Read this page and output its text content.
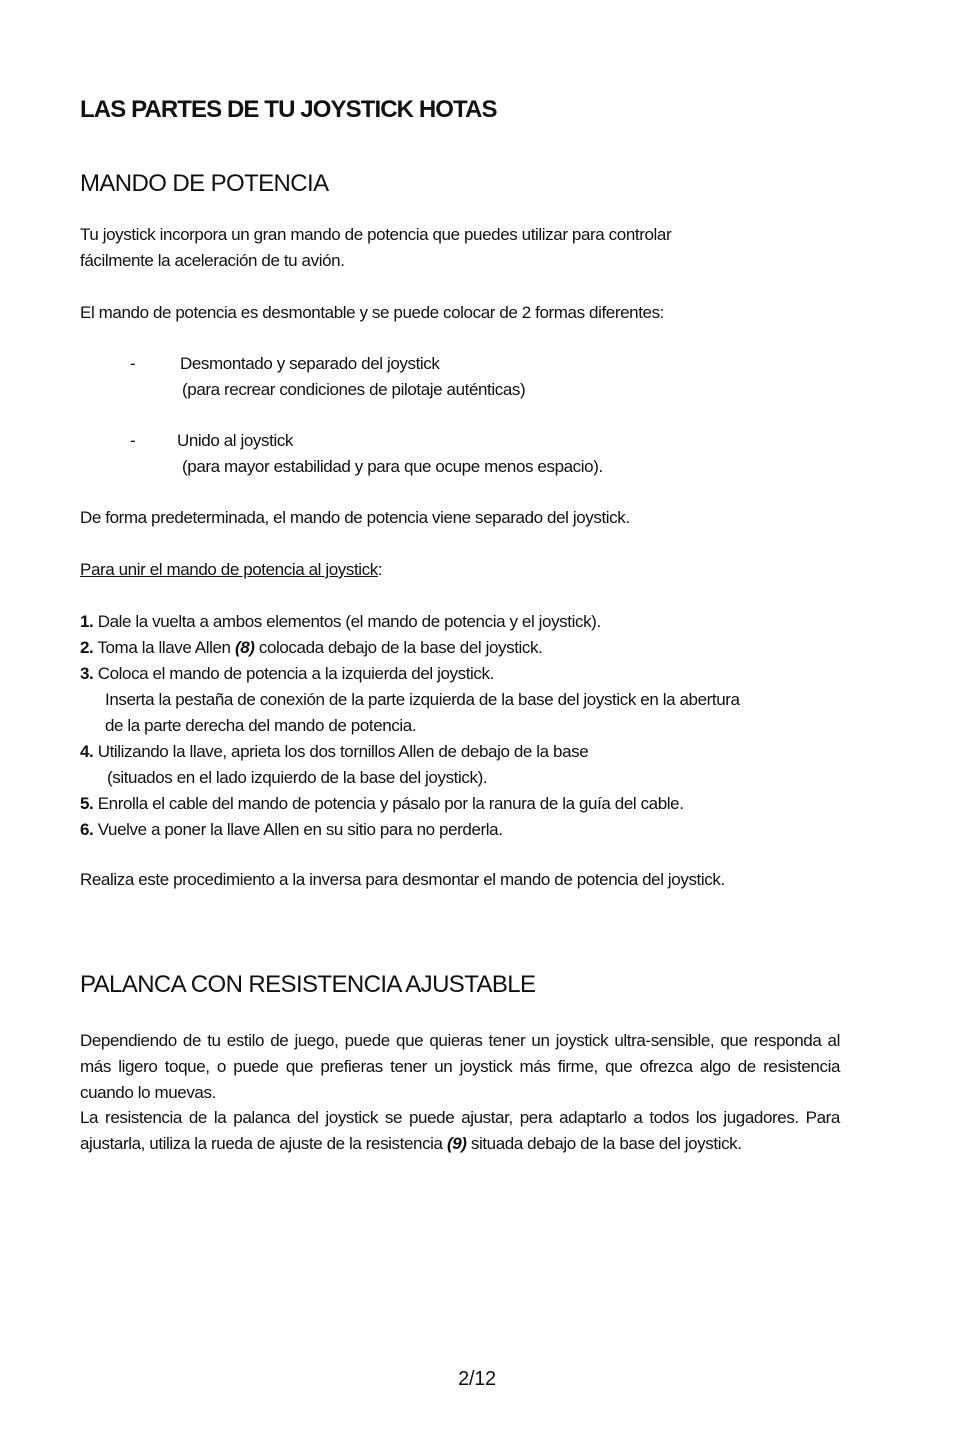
LAS PARTES DE TU JOYSTICK HOTAS
MANDO DE POTENCIA
Tu joystick incorpora un gran mando de potencia que puedes utilizar para controlar
fácilmente la aceleración de tu avión.
El mando de potencia es desmontable y se puede colocar de 2 formas diferentes:
-	Desmontado y separado del joystick
(para recrear condiciones de pilotaje auténticas)
- Unido al joystick
(para mayor estabilidad y para que ocupe menos espacio).
De forma predeterminada, el mando de potencia viene separado del joystick.
Para unir el mando de potencia al joystick:
1. Dale la vuelta a ambos elementos (el mando de potencia y el joystick).
2. Toma la llave Allen (8) colocada debajo de la base del joystick.
3. Coloca el mando de potencia a la izquierda del joystick.
Inserta la pestaña de conexión de la parte izquierda de la base del joystick en la abertura
de la parte derecha del mando de potencia.
4. Utilizando la llave, aprieta los dos tornillos Allen de debajo de la base
(situados en el lado izquierdo de la base del joystick).
5. Enrolla el cable del mando de potencia y pásalo por la ranura de la guía del cable.
6. Vuelve a poner la llave Allen en su sitio para no perderla.
Realiza este procedimiento a la inversa para desmontar el mando de potencia del joystick.
PALANCA CON RESISTENCIA AJUSTABLE
Dependiendo de tu estilo de juego, puede que quieras tener un joystick ultra-sensible, que responda al más ligero toque, o puede que prefieras tener un joystick más firme, que ofrezca algo de resistencia cuando lo muevas.
La resistencia de la palanca del joystick se puede ajustar, pera adaptarlo a todos los jugadores. Para ajustarla, utiliza la rueda de ajuste de la resistencia (9) situada debajo de la base del joystick.
2/12
